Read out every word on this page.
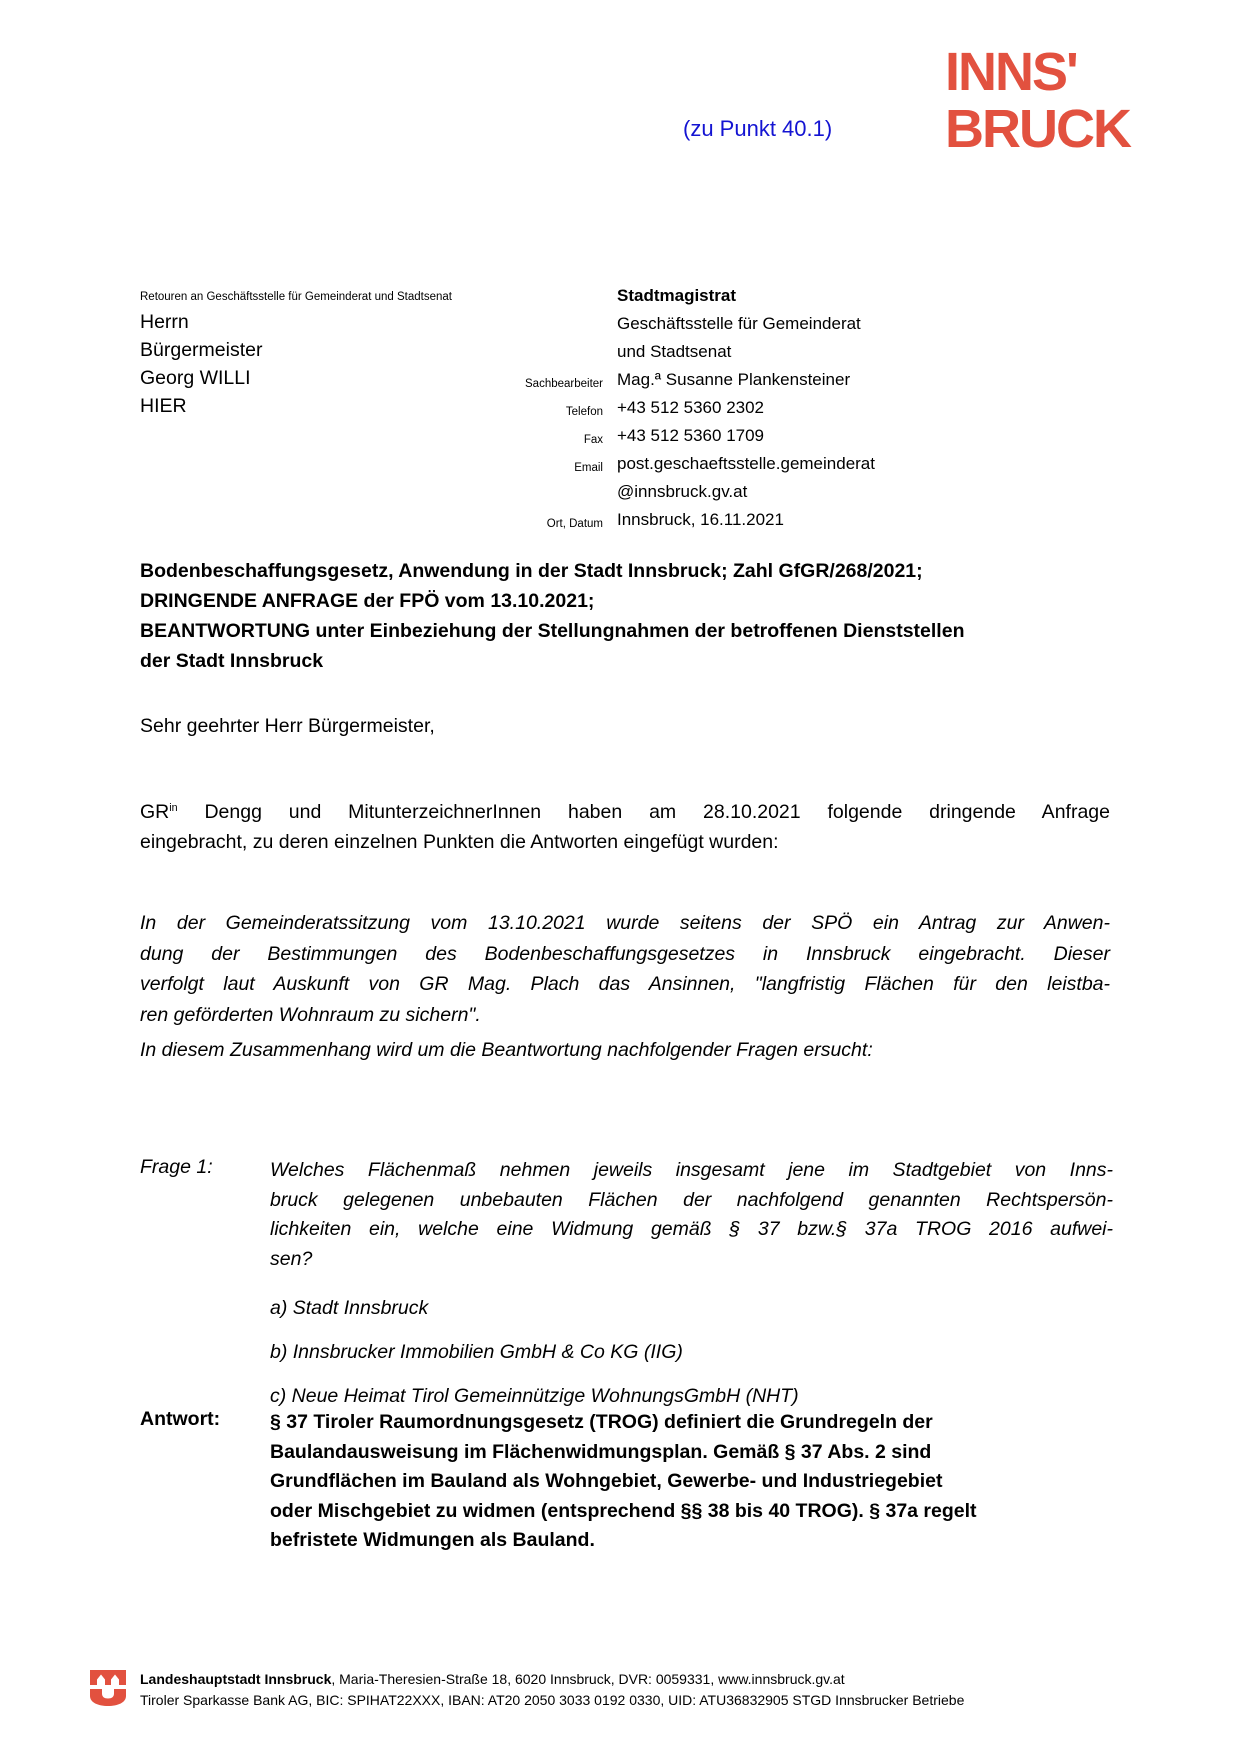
(zu Punkt 40.1)
INNS'
BRUCK
Retouren an Geschäftsstelle für Gemeinderat und Stadtsenat
Herrn
Bürgermeister
Georg WILLI
HIER
Stadtmagistrat
Geschäftsstelle für Gemeinderat
und Stadtsenat
Sachbearbeiter Mag.ª Susanne Plankensteiner
Telefon +43 512 5360 2302
Fax +43 512 5360 1709
Email post.geschaeftsstelle.gemeinderat
@innsbruck.gv.at
Ort, Datum Innsbruck, 16.11.2021
Bodenbeschaffungsgesetz, Anwendung in der Stadt Innsbruck; Zahl GfGR/268/2021;
DRINGENDE ANFRAGE der FPÖ vom 13.10.2021;
BEANTWORTUNG unter Einbeziehung der Stellungnahmen der betroffenen Dienststellen
der Stadt Innsbruck
Sehr geehrter Herr Bürgermeister,
$GR^{in}$ Dengg und MitunterzeichnerInnen haben am 28.10.2021 folgende dringende Anfrage
eingebracht, zu deren einzelnen Punkten die Antworten eingefügt wurden:
In der Gemeinderatssitzung vom 13.10.2021 wurde seitens der SPÖ ein Antrag zur Anwen-
dung der Bestimmungen des Bodenbeschaffungsgesetzes in Innsbruck eingebracht. Dieser
verfolgt laut Auskunft von GR Mag. Plach das Ansinnen, "langfristig Flächen für den leistba-
ren geförderten Wohnraum zu sichern".
In diesem Zusammenhang wird um die Beantwortung nachfolgender Fragen ersucht:
Frage 1:	Welches Flächenmaß nehmen jeweils insgesamt jene im Stadtgebiet von Inns-
bruck gelegenen unbebauten Flächen der nachfolgend genannten Rechtspersön-
lichkeiten ein, welche eine Widmung gemäß § 37 bzw.§ 37a TROG 2016 aufwei-
sen?
a) Stadt Innsbruck
b) Innsbrucker Immobilien GmbH & Co KG (IIG)
c) Neue Heimat Tirol Gemeinnützige WohnungsGmbH (NHT)
Antwort:	§ 37 Tiroler Raumordnungsgesetz (TROG) definiert die Grundregeln der
Baulandausweisung im Flächenwidmungsplan. Gemäß § 37 Abs. 2 sind
Grundflächen im Bauland als Wohngebiet, Gewerbe- und Industriegebiet
oder Mischgebiet zu widmen (entsprechend §§ 38 bis 40 TROG). § 37a regelt
befristete Widmungen als Bauland.
Landeshauptstadt Innsbruck, Maria-Theresien-Straße 18, 6020 Innsbruck, DVR: 0059331, www.innsbruck.gv.at
Tiroler Sparkasse Bank AG, BIC: SPIHAT22XXX, IBAN: AT20 2050 3033 0192 0330, UID: ATU36832905 STGD Innsbrucker Betriebe
